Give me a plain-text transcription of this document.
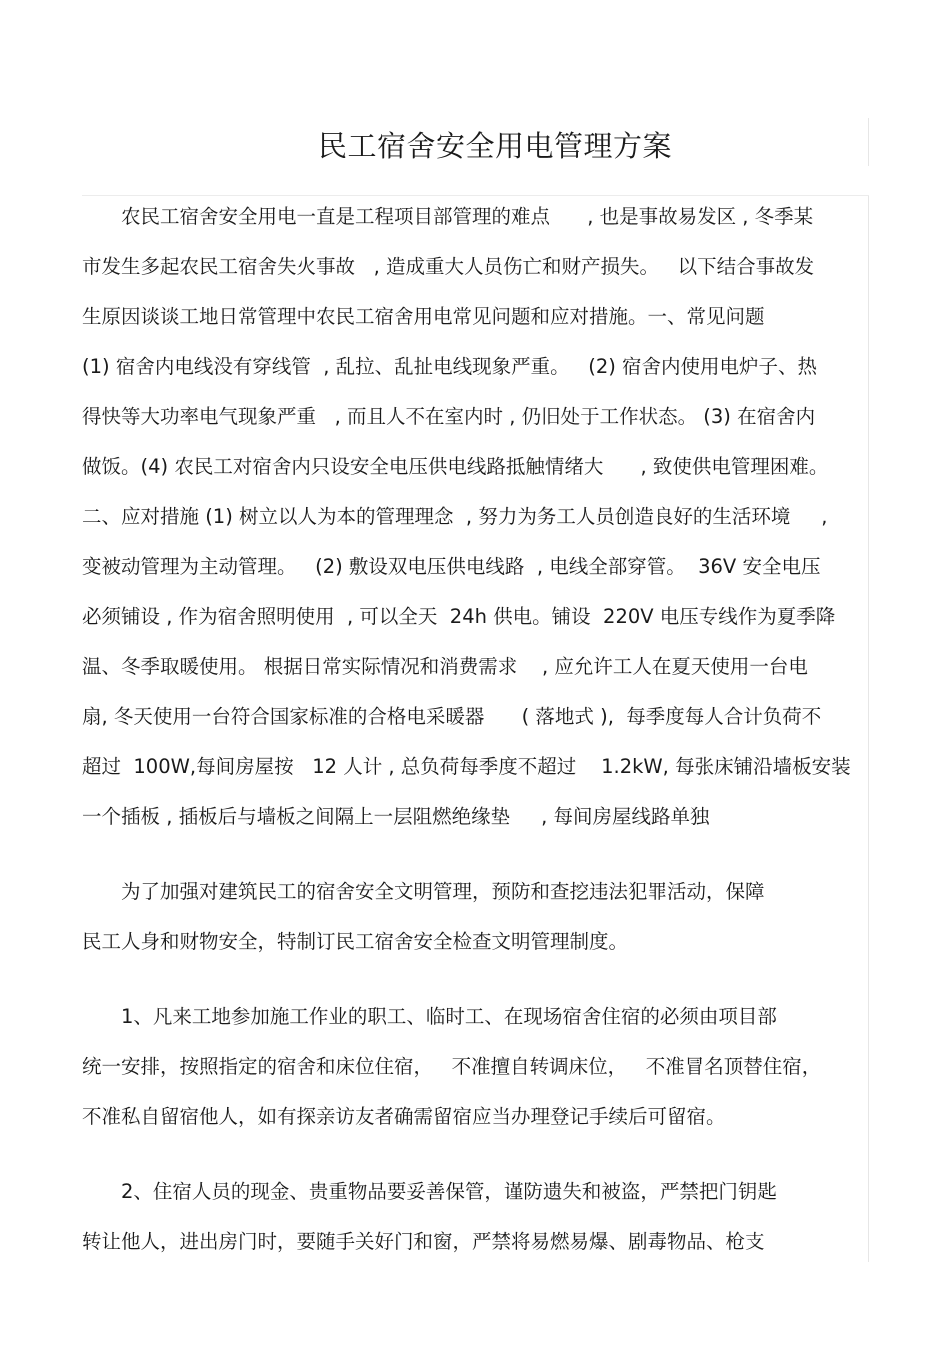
民工宿舍安全用电管理方案
农民工宿舍安全用电一直是工程项目部管理的难点      , 也是事故易发区 , 冬季某
市发生多起农民工宿舍失火事故   , 造成重大人员伤亡和财产损失。   以下结合事故发
生原因谈谈工地日常管理中农民工宿舍用电常见问题和应对措施。一、常见问题
(1) 宿舍内电线没有穿线管  , 乱拉、乱扯电线现象严重。   (2) 宿舍内使用电炉子、热
得快等大功率电气现象严重   , 而且人不在室内时 , 仍旧处于工作状态。 (3) 在宿舍内
做饭。(4) 农民工对宿舍内只设安全电压供电线路抵触情绪大      , 致使供电管理困难。
二、应对措施 (1) 树立以人为本的管理理念  , 努力为务工人员创造良好的生活环境     ,
变被动管理为主动管理。   (2) 敷设双电压供电线路  , 电线全部穿管。  36V 安全电压
必须铺设 , 作为宿舍照明使用  , 可以全天  24h 供电。铺设  220V 电压专线作为夏季降
温、冬季取暖使用。 根据日常实际情况和消费需求    , 应允许工人在夏天使用一台电
扇, 冬天使用一台符合国家标准的合格电采暖器      ( 落地式 ),  每季度每人合计负荷不
超过  100W,每间房屋按   12 人计 , 总负荷每季度不超过    1.2kW, 每张床铺沿墙板安装
一个插板 , 插板后与墙板之间隔上一层阻燃绝缘垫     , 每间房屋线路单独
为了加强对建筑民工的宿舍安全文明管理，预防和查挖违法犯罪活动，保障
民工人身和财物安全，特制订民工宿舍安全检查文明管理制度。
1、凡来工地参加施工作业的职工、临时工、在现场宿舍住宿的必须由项目部
统一安排，按照指定的宿舍和床位住宿，   不准擅自转调床位，   不准冒名顶替住宿，
不准私自留宿他人，如有探亲访友者确需留宿应当办理登记手续后可留宿。
2、住宿人员的现金、贵重物品要妥善保管，谨防遗失和被盗，严禁把门钥匙
转让他人，进出房门时，要随手关好门和窗，严禁将易燃易爆、剧毒物品、枪支
